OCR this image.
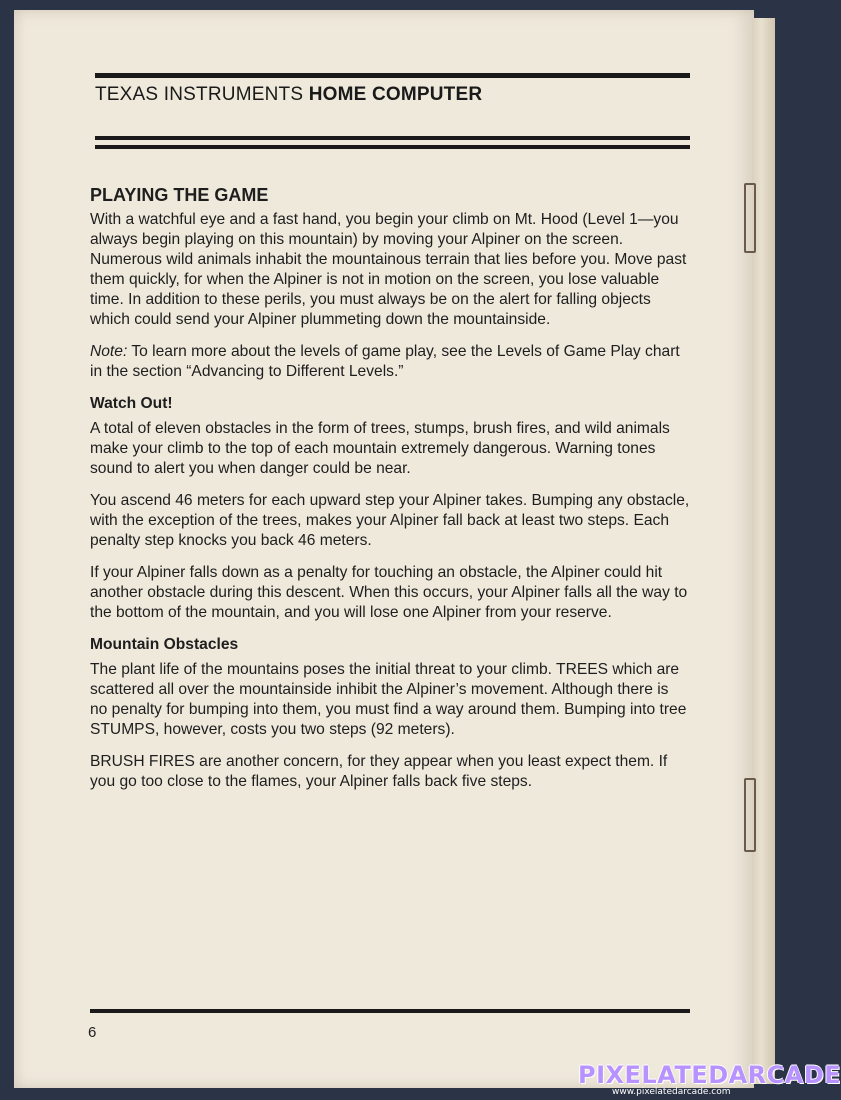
TEXAS INSTRUMENTS HOME COMPUTER
PLAYING THE GAME

With a watchful eye and a fast hand, you begin your climb on Mt. Hood (Level 1—you always begin playing on this mountain) by moving your Alpiner on the screen. Numerous wild animals inhabit the mountainous terrain that lies before you. Move past them quickly, for when the Alpiner is not in motion on the screen, you lose valuable time. In addition to these perils, you must always be on the alert for falling objects which could send your Alpiner plummeting down the mountainside.

Note: To learn more about the levels of game play, see the Levels of Game Play chart in the section “Advancing to Different Levels.”

Watch Out!

A total of eleven obstacles in the form of trees, stumps, brush fires, and wild animals make your climb to the top of each mountain extremely dangerous. Warning tones sound to alert you when danger could be near.

You ascend 46 meters for each upward step your Alpiner takes. Bumping any obstacle, with the exception of the trees, makes your Alpiner fall back at least two steps. Each penalty step knocks you back 46 meters.

If your Alpiner falls down as a penalty for touching an obstacle, the Alpiner could hit another obstacle during this descent. When this occurs, your Alpiner falls all the way to the bottom of the mountain, and you will lose one Alpiner from your reserve.

Mountain Obstacles

The plant life of the mountains poses the initial threat to your climb. TREES which are scattered all over the mountainside inhibit the Alpiner’s movement. Although there is no penalty for bumping into them, you must find a way around them. Bumping into tree STUMPS, however, costs you two steps (92 meters).

BRUSH FIRES are another concern, for they appear when you least expect them. If you go too close to the flames, your Alpiner falls back five steps.

6
PIXELATEDARCADE
www.pixelatedarcade.com
